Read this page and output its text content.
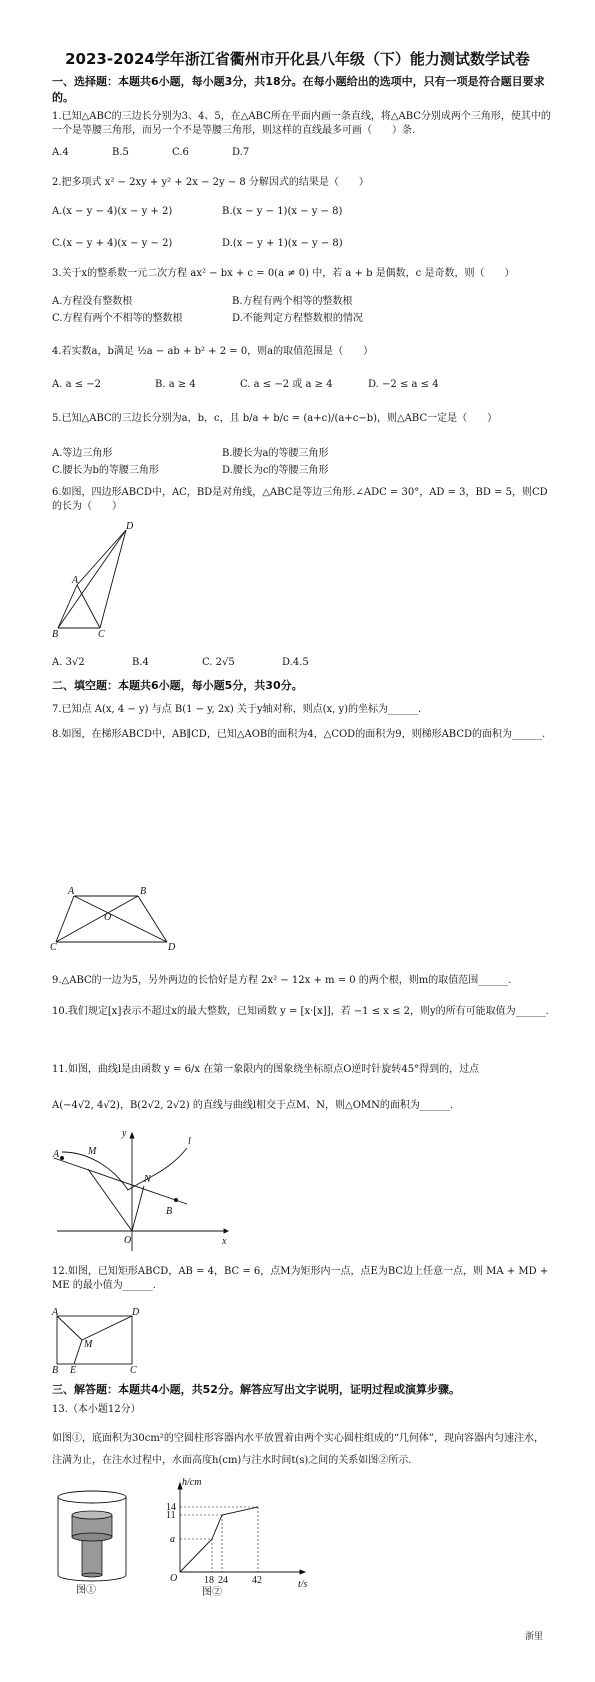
2023-2024学年浙江省衢州市开化县八年级（下）能力测试数学试卷
一、选择题：本题共6小题，每小题3分，共18分。在每小题给出的选项中，只有一项是符合题目要求的。
1.已知△ABC的三边长分别为3、4、5，在△ABC所在平面内画一条直线，将△ABC分别成两个三角形，使其中的一个是等腰三角形，而另一个不是等腰三角形，则这样的直线最多可画（　　）条.
A.4	B.5	C.6	D.7
2.把多项式 x² − 2xy + y² + 2x − 2y − 8 分解因式的结果是（　　）
A.(x − y − 4)(x − y + 2)	B.(x − y − 1)(x − y − 8)
C.(x − y + 4)(x − y − 2)	D.(x − y + 1)(x − y − 8)
3.关于x的整系数一元二次方程 ax² − bx + c = 0(a ≠ 0) 中，若 a + b 是偶数，c 是奇数，则（　　）
A.方程没有整数根	B.方程有两个相等的整数根
C.方程有两个不相等的整数根	D.不能判定方程整数根的情况
4.若实数a，b满足 ½a − ab + b² + 2 = 0，则a的取值范围是（　　）
A. a ≤ −2	B. a ≥ 4	C. a ≤ −2 或 a ≥ 4	D. −2 ≤ a ≤ 4
5.已知△ABC的三边长分别为a，b，c，且 b/a + b/c = (a+c)/(a+c−b)，则△ABC一定是（　　）
A.等边三角形	B.腰长为a的等腰三角形
C.腰长为b的等腰三角形	D.腰长为c的等腰三角形
6.如图，四边形ABCD中，AC，BD是对角线，△ABC是等边三角形.∠ADC = 30°，AD = 3，BD = 5，则CD的长为（　　）
A
B	C
D
A. 3√2	B.4	C. 2√5	D.4.5
二、填空题：本题共6小题，每小题5分，共30分。
7.已知点 A(x, 4 − y) 与点 B(1 − y, 2x) 关于y轴对称，则点(x, y)的坐标为______.
8.如图，在梯形ABCD中，AB∥CD，已知△AOB的面积为4，△COD的面积为9，则梯形ABCD的面积为______.
A	B
O
C	D
9.△ABC的一边为5，另外两边的长恰好是方程 2x² − 12x + m = 0 的两个根，则m的取值范围______.
10.我们规定[x]表示不超过x的最大整数，已知函数 y = [x·[x]]，若 −1 ≤ x ≤ 2，则y的所有可能取值为______.
11.如图，曲线l是由函数 y = 6/x 在第一象限内的图象绕坐标原点O逆时针旋转45°得到的，过点
A(−4√2, 4√2)，B(2√2, 2√2) 的直线与曲线l相交于点M、N，则△OMN的面积为______.
A	M
N
B
O	x
y
l
12.如图，已知矩形ABCD，AB = 4，BC = 6，点M为矩形内一点，点E为BC边上任意一点，则 MA + MD + ME 的最小值为______.
A	D
M
B E	C
三、解答题：本题共4小题，共52分。解答应写出文字说明，证明过程或演算步骤。
13.（本小题12分）
如图①，底面积为30cm²的空圆柱形容器内水平放置着由两个实心圆柱组成的“几何体”，现向容器内匀速注水，注满为止，在注水过程中，水面高度h(cm)与注水时间t(s)之间的关系如图②所示.
图①
h/cm
t/s
14
11
a
O	18 24 42
图②
浙里
